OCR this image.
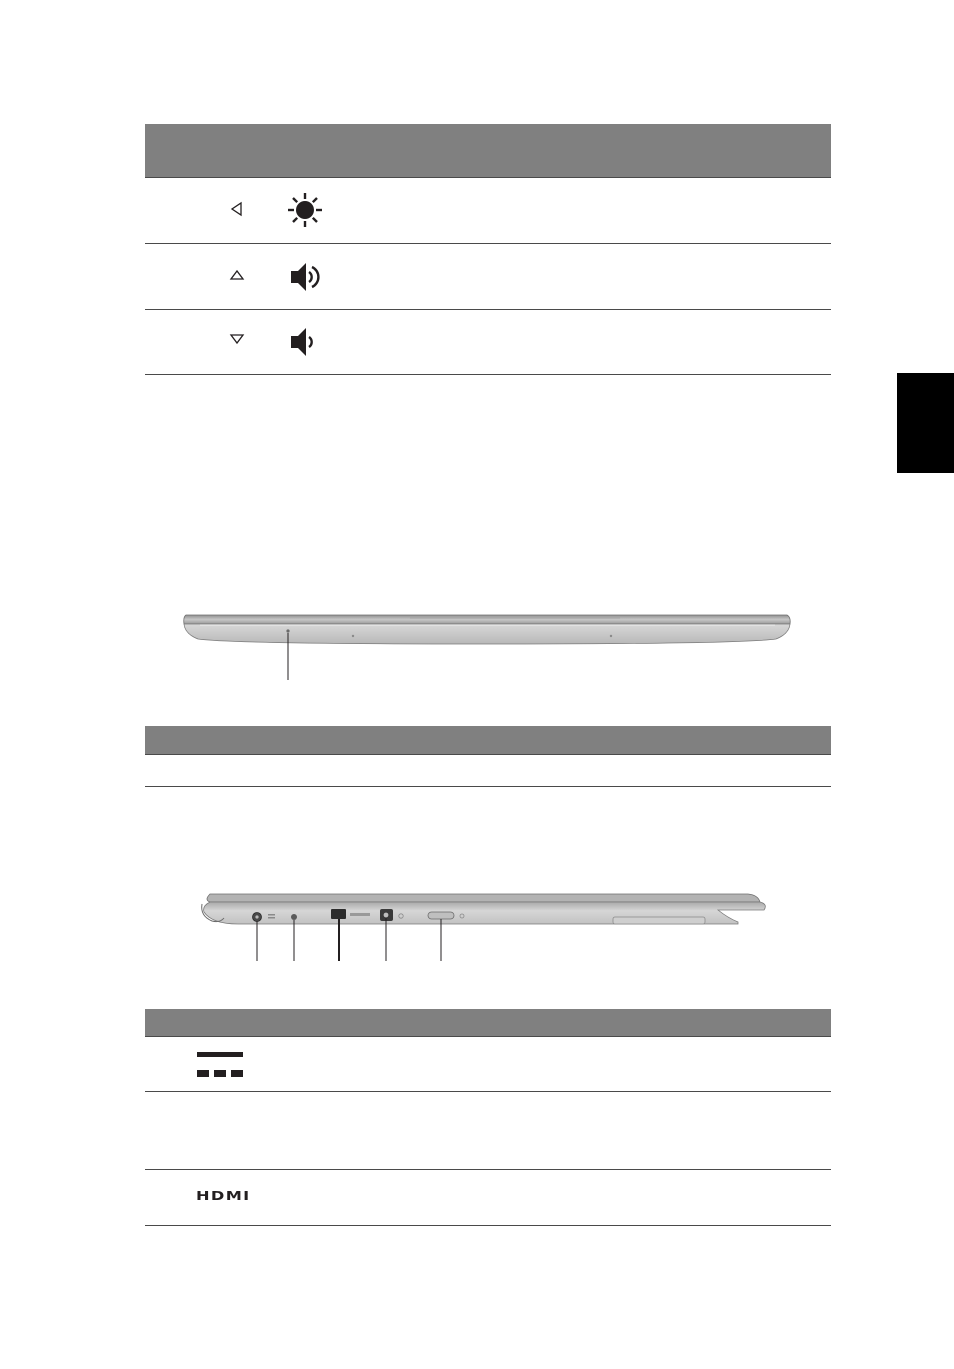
HDMI
